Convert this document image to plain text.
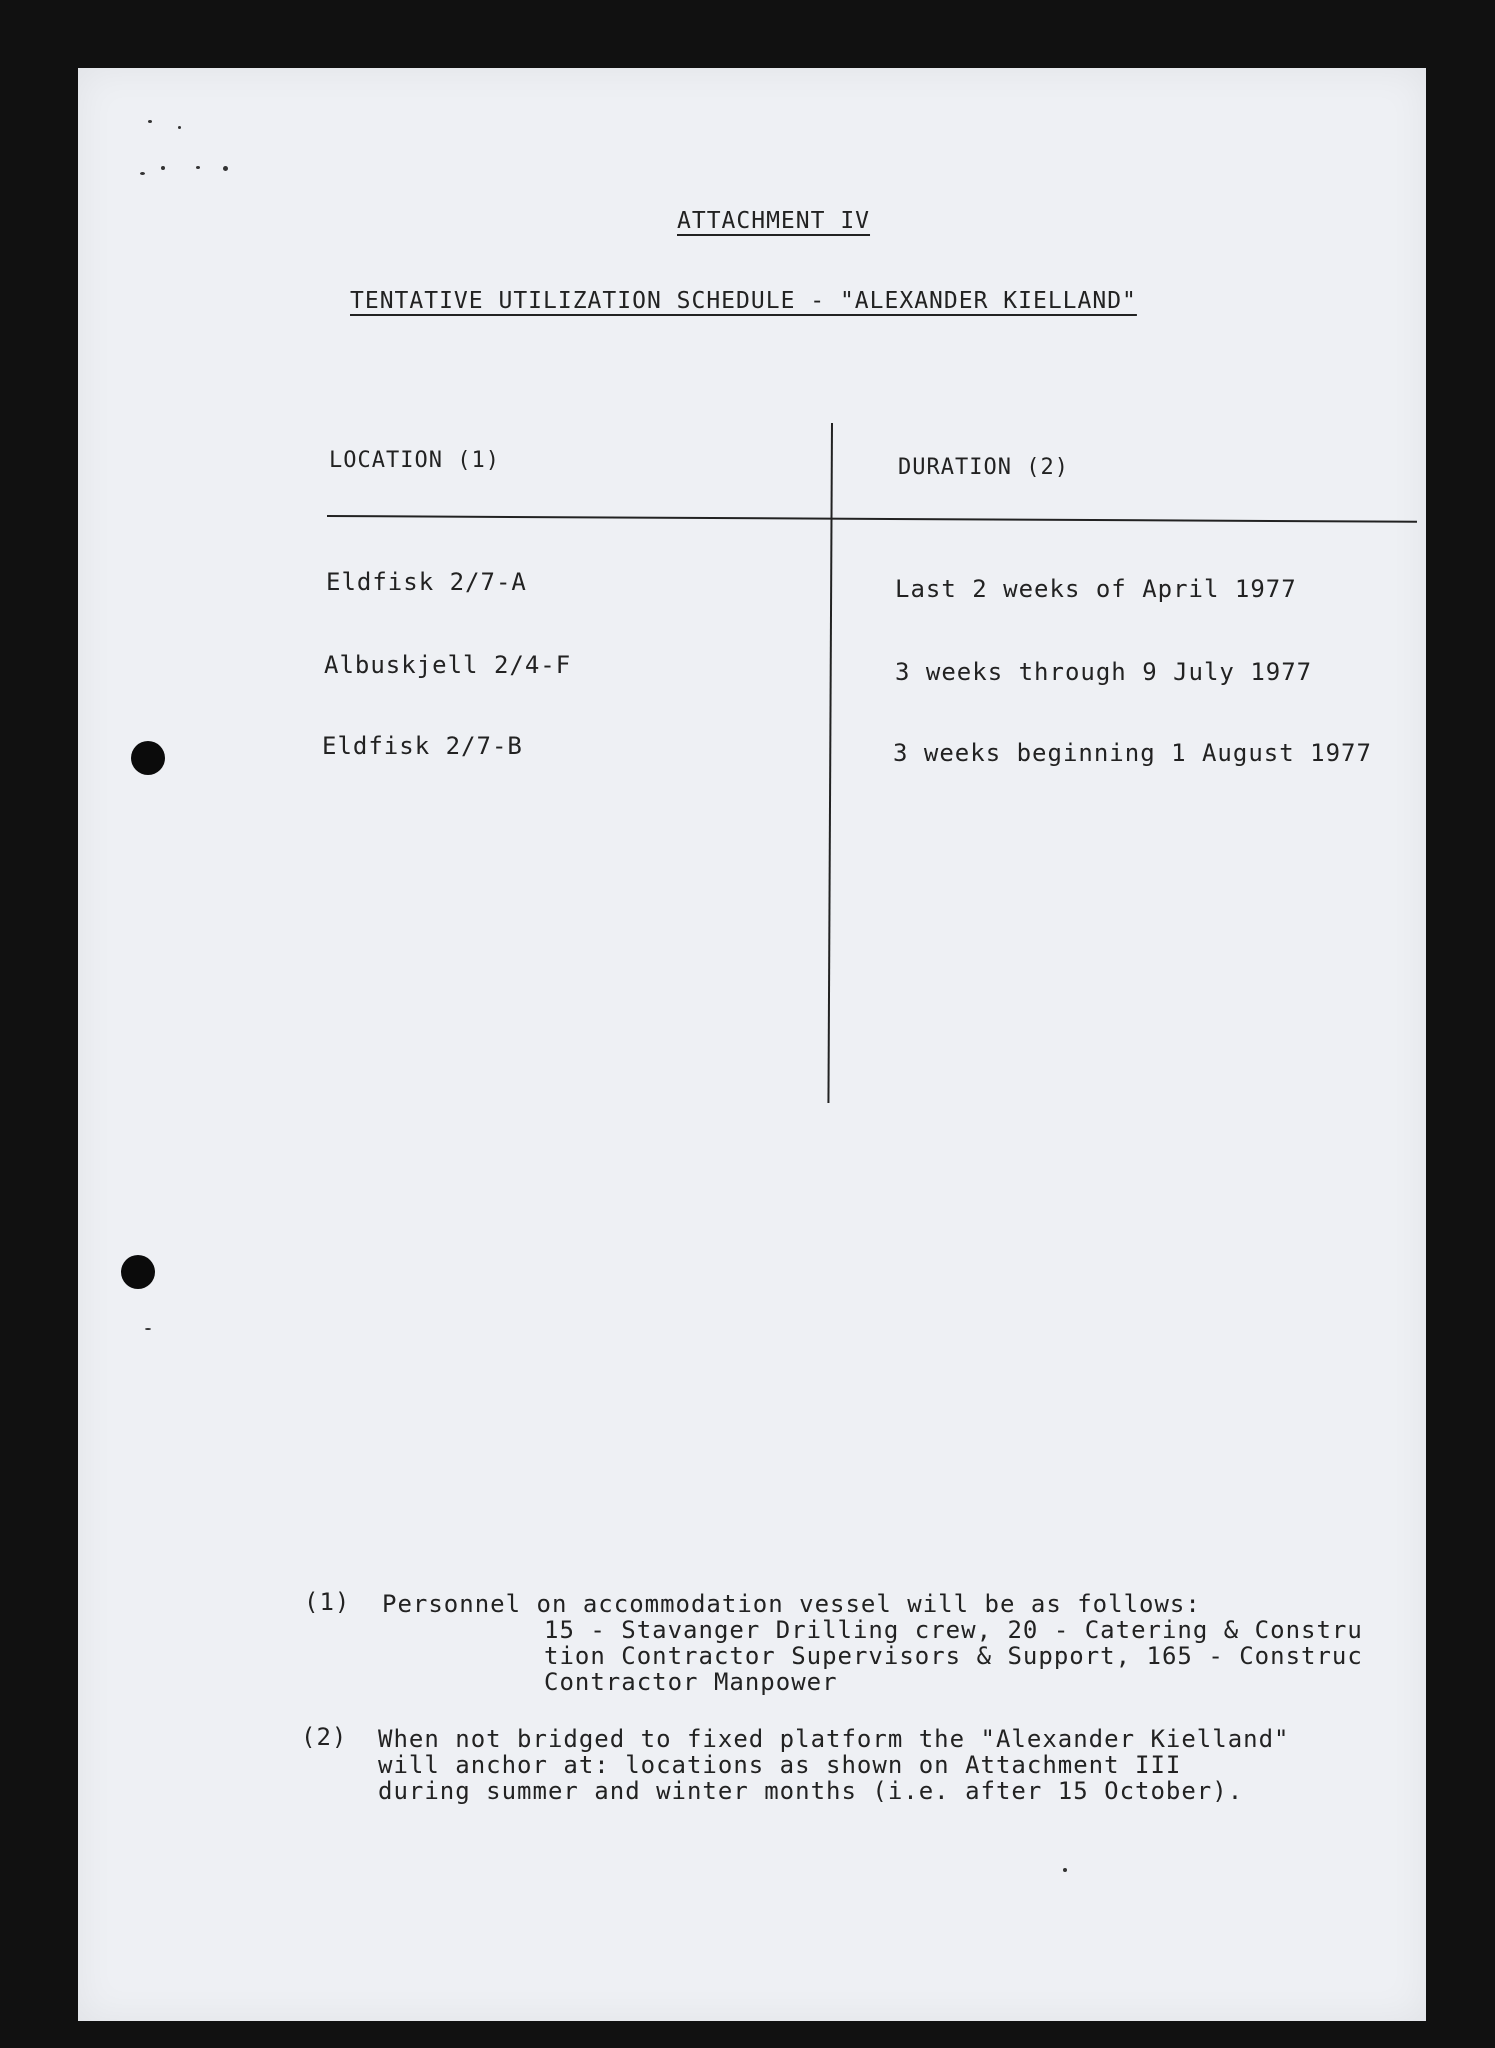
ATTACHMENT IV
TENTATIVE UTILIZATION SCHEDULE - "ALEXANDER KIELLAND"
LOCATION (1)	DURATION (2)
Eldfisk 2/7-A	Last 2 weeks of April 1977
Albuskjell 2/4-F	3 weeks through 9 July 1977
Eldfisk 2/7-B	3 weeks beginning 1 August 1977
(1) Personnel on accommodation vessel will be as follows:
15 - Stavanger Drilling crew, 20 - Catering & Constru
tion Contractor Supervisors & Support, 165 - Construc
Contractor Manpower
(2) When not bridged to fixed platform the "Alexander Kielland"
will anchor at: locations as shown on Attachment III
during summer and winter months (i.e. after 15 October).
